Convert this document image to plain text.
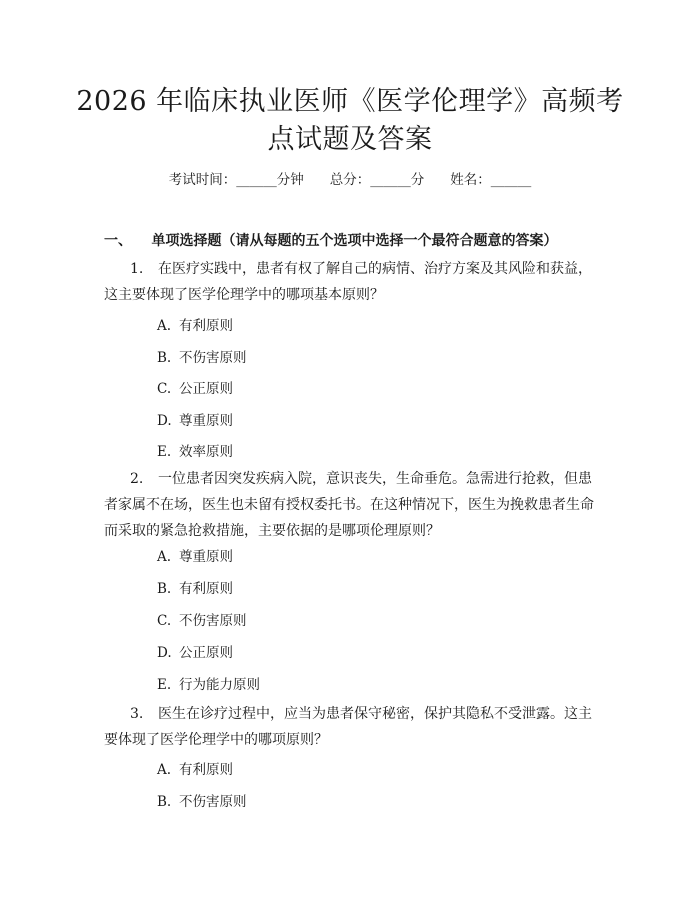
2026 年临床执业医师《医学伦理学》高频考
点试题及答案
考试时间：______分钟 总分：______分 姓名：______
一、 单项选择题（请从每题的五个选项中选择一个最符合题意的答案）
1. 在医疗实践中，患者有权了解自己的病情、治疗方案及其风险和获益，这主要体现了医学伦理学中的哪项基本原则？
A. 有利原则
B. 不伤害原则
C. 公正原则
D. 尊重原则
E. 效率原则
2. 一位患者因突发疾病入院，意识丧失，生命垂危。急需进行抢救，但患者家属不在场，医生也未留有授权委托书。在这种情况下，医生为挽救患者生命而采取的紧急抢救措施，主要依据的是哪项伦理原则？
A. 尊重原则
B. 有利原则
C. 不伤害原则
D. 公正原则
E. 行为能力原则
3. 医生在诊疗过程中，应当为患者保守秘密，保护其隐私不受泄露。这主要体现了医学伦理学中的哪项原则？
A. 有利原则
B. 不伤害原则
